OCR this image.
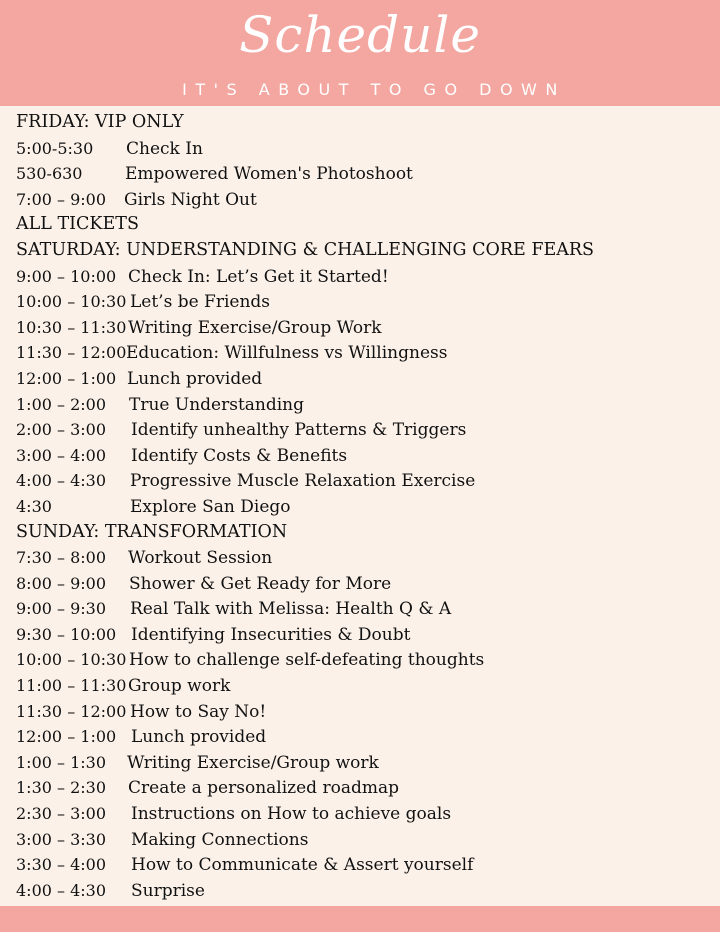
Schedule
IT'S ABOUT TO GO DOWN
FRIDAY: VIP ONLY
5:00-5:30 Check In
530-630	Empowered Women's Photoshoot
7:00 – 9:00 Girls Night Out
ALL TICKETS
SATURDAY: UNDERSTANDING & CHALLENGING CORE FEARS
9:00 – 10:00 Check In: Let’s Get it Started!
10:00 – 10:30 Let’s be Friends
10:30 – 11:30Writing Exercise/Group Work
11:30 – 12:00Education: Willfulness vs Willingness
12:00 – 1:00 Lunch provided
1:00 – 2:00 True Understanding
2:00 – 3:00 Identify unhealthy Patterns & Triggers
3:00 – 4:00 Identify Costs & Benefits
4:00 – 4:30 Progressive Muscle Relaxation Exercise
4:30	Explore San Diego
SUNDAY: TRANSFORMATION
7:30 – 8:00 Workout Session
8:00 – 9:00 Shower & Get Ready for More
9:00 – 9:30 Real Talk with Melissa: Health Q & A
9:30 – 10:00 Identifying Insecurities & Doubt
10:00 – 10:30 How to challenge self-defeating thoughts
11:00 – 11:30Group work
11:30 – 12:00 How to Say No!
12:00 – 1:00 Lunch provided
1:00 – 1:30 Writing Exercise/Group work
1:30 – 2:30 Create a personalized roadmap
2:30 – 3:00 Instructions on How to achieve goals
3:00 – 3:30 Making Connections
3:30 – 4:00 How to Communicate & Assert yourself
4:00 – 4:30 Surprise
